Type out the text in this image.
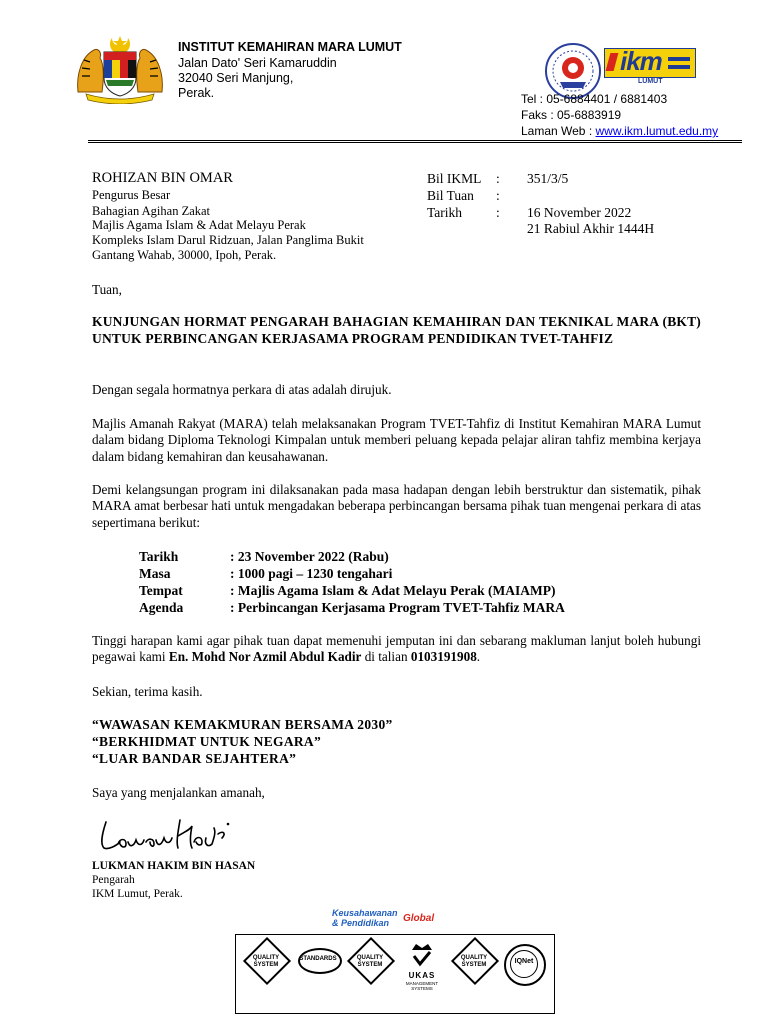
INSTITUT KEMAHIRAN MARA LUMUT
Jalan Dato' Seri Kamaruddin
32040 Seri Manjung,
Perak.
ikm
LUMUT
Tel : 05-6884401 / 6881403
Faks : 05-6883919
Laman Web : www.ikm.lumut.edu.my
ROHIZAN BIN OMAR
Pengurus Besar
Bahagian Agihan Zakat
Majlis Agama Islam & Adat Melayu Perak
Kompleks Islam Darul Ridzuan, Jalan Panglima Bukit
Gantang Wahab, 30000, Ipoh, Perak.
Bil IKML : 351/3/5
Bil Tuan :
Tarikh	: 16 November 2022
21 Rabiul Akhir 1444H
Tuan,
KUNJUNGAN HORMAT PENGARAH BAHAGIAN KEMAHIRAN DAN TEKNIKAL MARA (BKT) UNTUK PERBINCANGAN KERJASAMA PROGRAM PENDIDIKAN TVET-TAHFIZ
Dengan segala hormatnya perkara di atas adalah dirujuk.
Majlis Amanah Rakyat (MARA) telah melaksanakan Program TVET-Tahfiz di Institut Kemahiran MARA Lumut dalam bidang Diploma Teknologi Kimpalan untuk memberi peluang kepada pelajar aliran tahfiz membina kerjaya dalam bidang kemahiran dan keusahawanan.
Demi kelangsungan program ini dilaksanakan pada masa hadapan dengan lebih berstruktur dan sistematik, pihak MARA amat berbesar hati untuk mengadakan beberapa perbincangan bersama pihak tuan mengenai perkara di atas sepertimana berikut:
Tarikh	: 23 November 2022 (Rabu)
Masa	: 1000 pagi – 1230 tengahari
Tempat	: Majlis Agama Islam & Adat Melayu Perak (MAIAMP)
Agenda	: Perbincangan Kerjasama Program TVET-Tahfiz MARA
Tinggi harapan kami agar pihak tuan dapat memenuhi jemputan ini dan sebarang makluman lanjut boleh hubungi pegawai kami En. Mohd Nor Azmil Abdul Kadir di talian 0103191908.
Sekian, terima kasih.
“WAWASAN KEMAKMURAN BERSAMA 2030”
“BERKHIDMAT UNTUK NEGARA”
“LUAR BANDAR SEJAHTERA”
Saya yang menjalankan amanah,
LUKMAN HAKIM BIN HASAN
Pengarah
IKM Lumut, Perak.
Keusahawanan
& Pendidikan Global
QUALITY
SYSTEM
STANDARDS	QUALITY
SYSTEM
UKAS
MANAGEMENT SYSTEMS
QUALITY
SYSTEM	IQNet
